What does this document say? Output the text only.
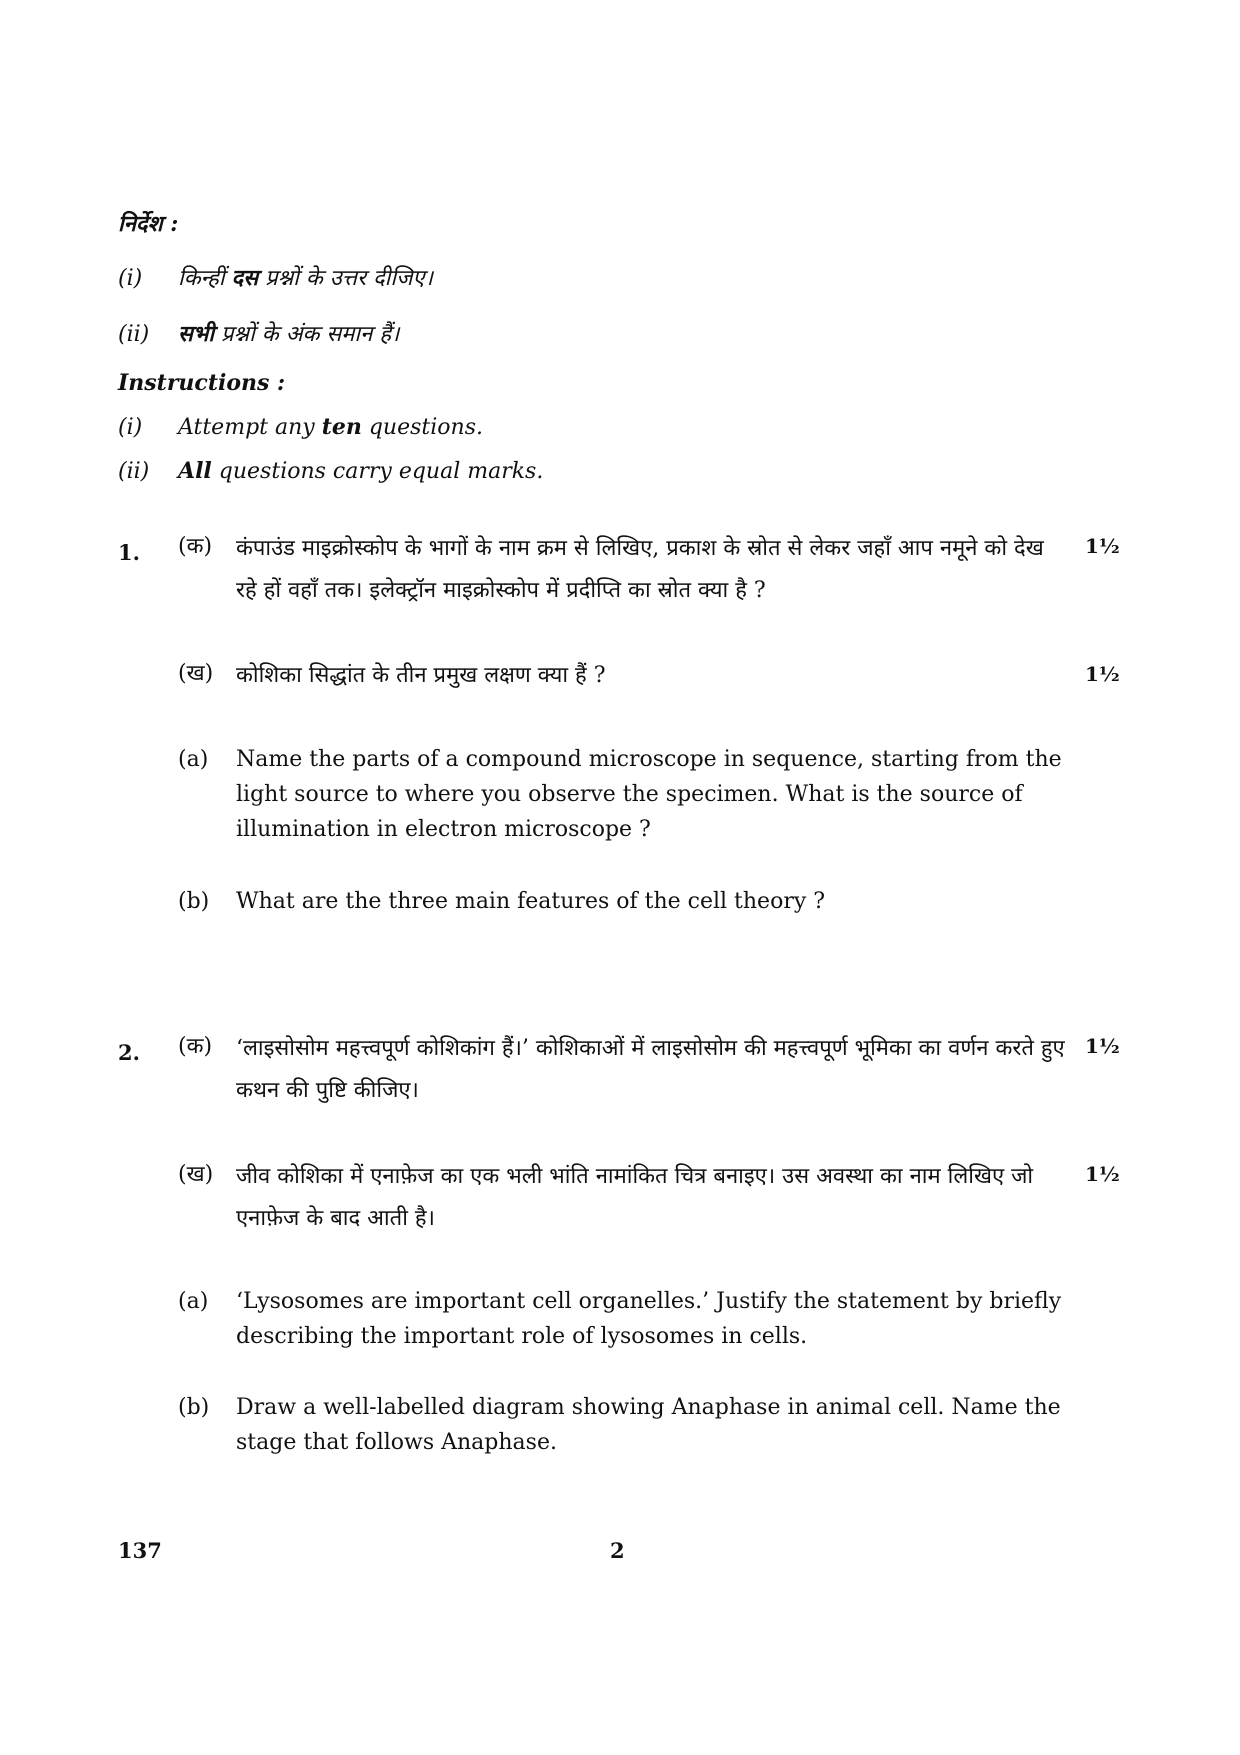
निर्देश :
(i) किन्हीं दस प्रश्नों के उत्तर दीजिए।
(ii) सभी प्रश्नों के अंक समान हैं।
Instructions :
(i) Attempt any ten questions.
(ii) All questions carry equal marks.
1. (क)	कंपाउंड माइक्रोस्कोप के भागों के नाम क्रम से लिखिए, प्रकाश के स्रोत से लेकर जहाँ आप नमूने को देख रहे हों वहाँ तक। इलेक्ट्रॉन माइक्रोस्कोप में प्रदीप्ति का स्रोत क्या है ?
1½
(ख)	कोशिका सिद्धांत के तीन प्रमुख लक्षण क्या हैं ?	1½
(a)	Name the parts of a compound microscope in sequence, starting from the light source to where you observe the specimen. What is the source of illumination in electron microscope ?
(b)	What are the three main features of the cell theory ?
2. (क)	‘लाइसोसोम महत्त्वपूर्ण कोशिकांग हैं।’ कोशिकाओं में लाइसोसोम की महत्त्वपूर्ण भूमिका का वर्णन करते हुए कथन की पुष्टि कीजिए।
1½
(ख)	जीव कोशिका में एनाफ़ेज का एक भली भांति नामांकित चित्र बनाइए। उस अवस्था का नाम लिखिए जो एनाफ़ेज के बाद आती है।
1½
(a)	‘Lysosomes are important cell organelles.’ Justify the statement by briefly describing the important role of lysosomes in cells.
(b)	Draw a well-labelled diagram showing Anaphase in animal cell. Name the stage that follows Anaphase.
137	2
